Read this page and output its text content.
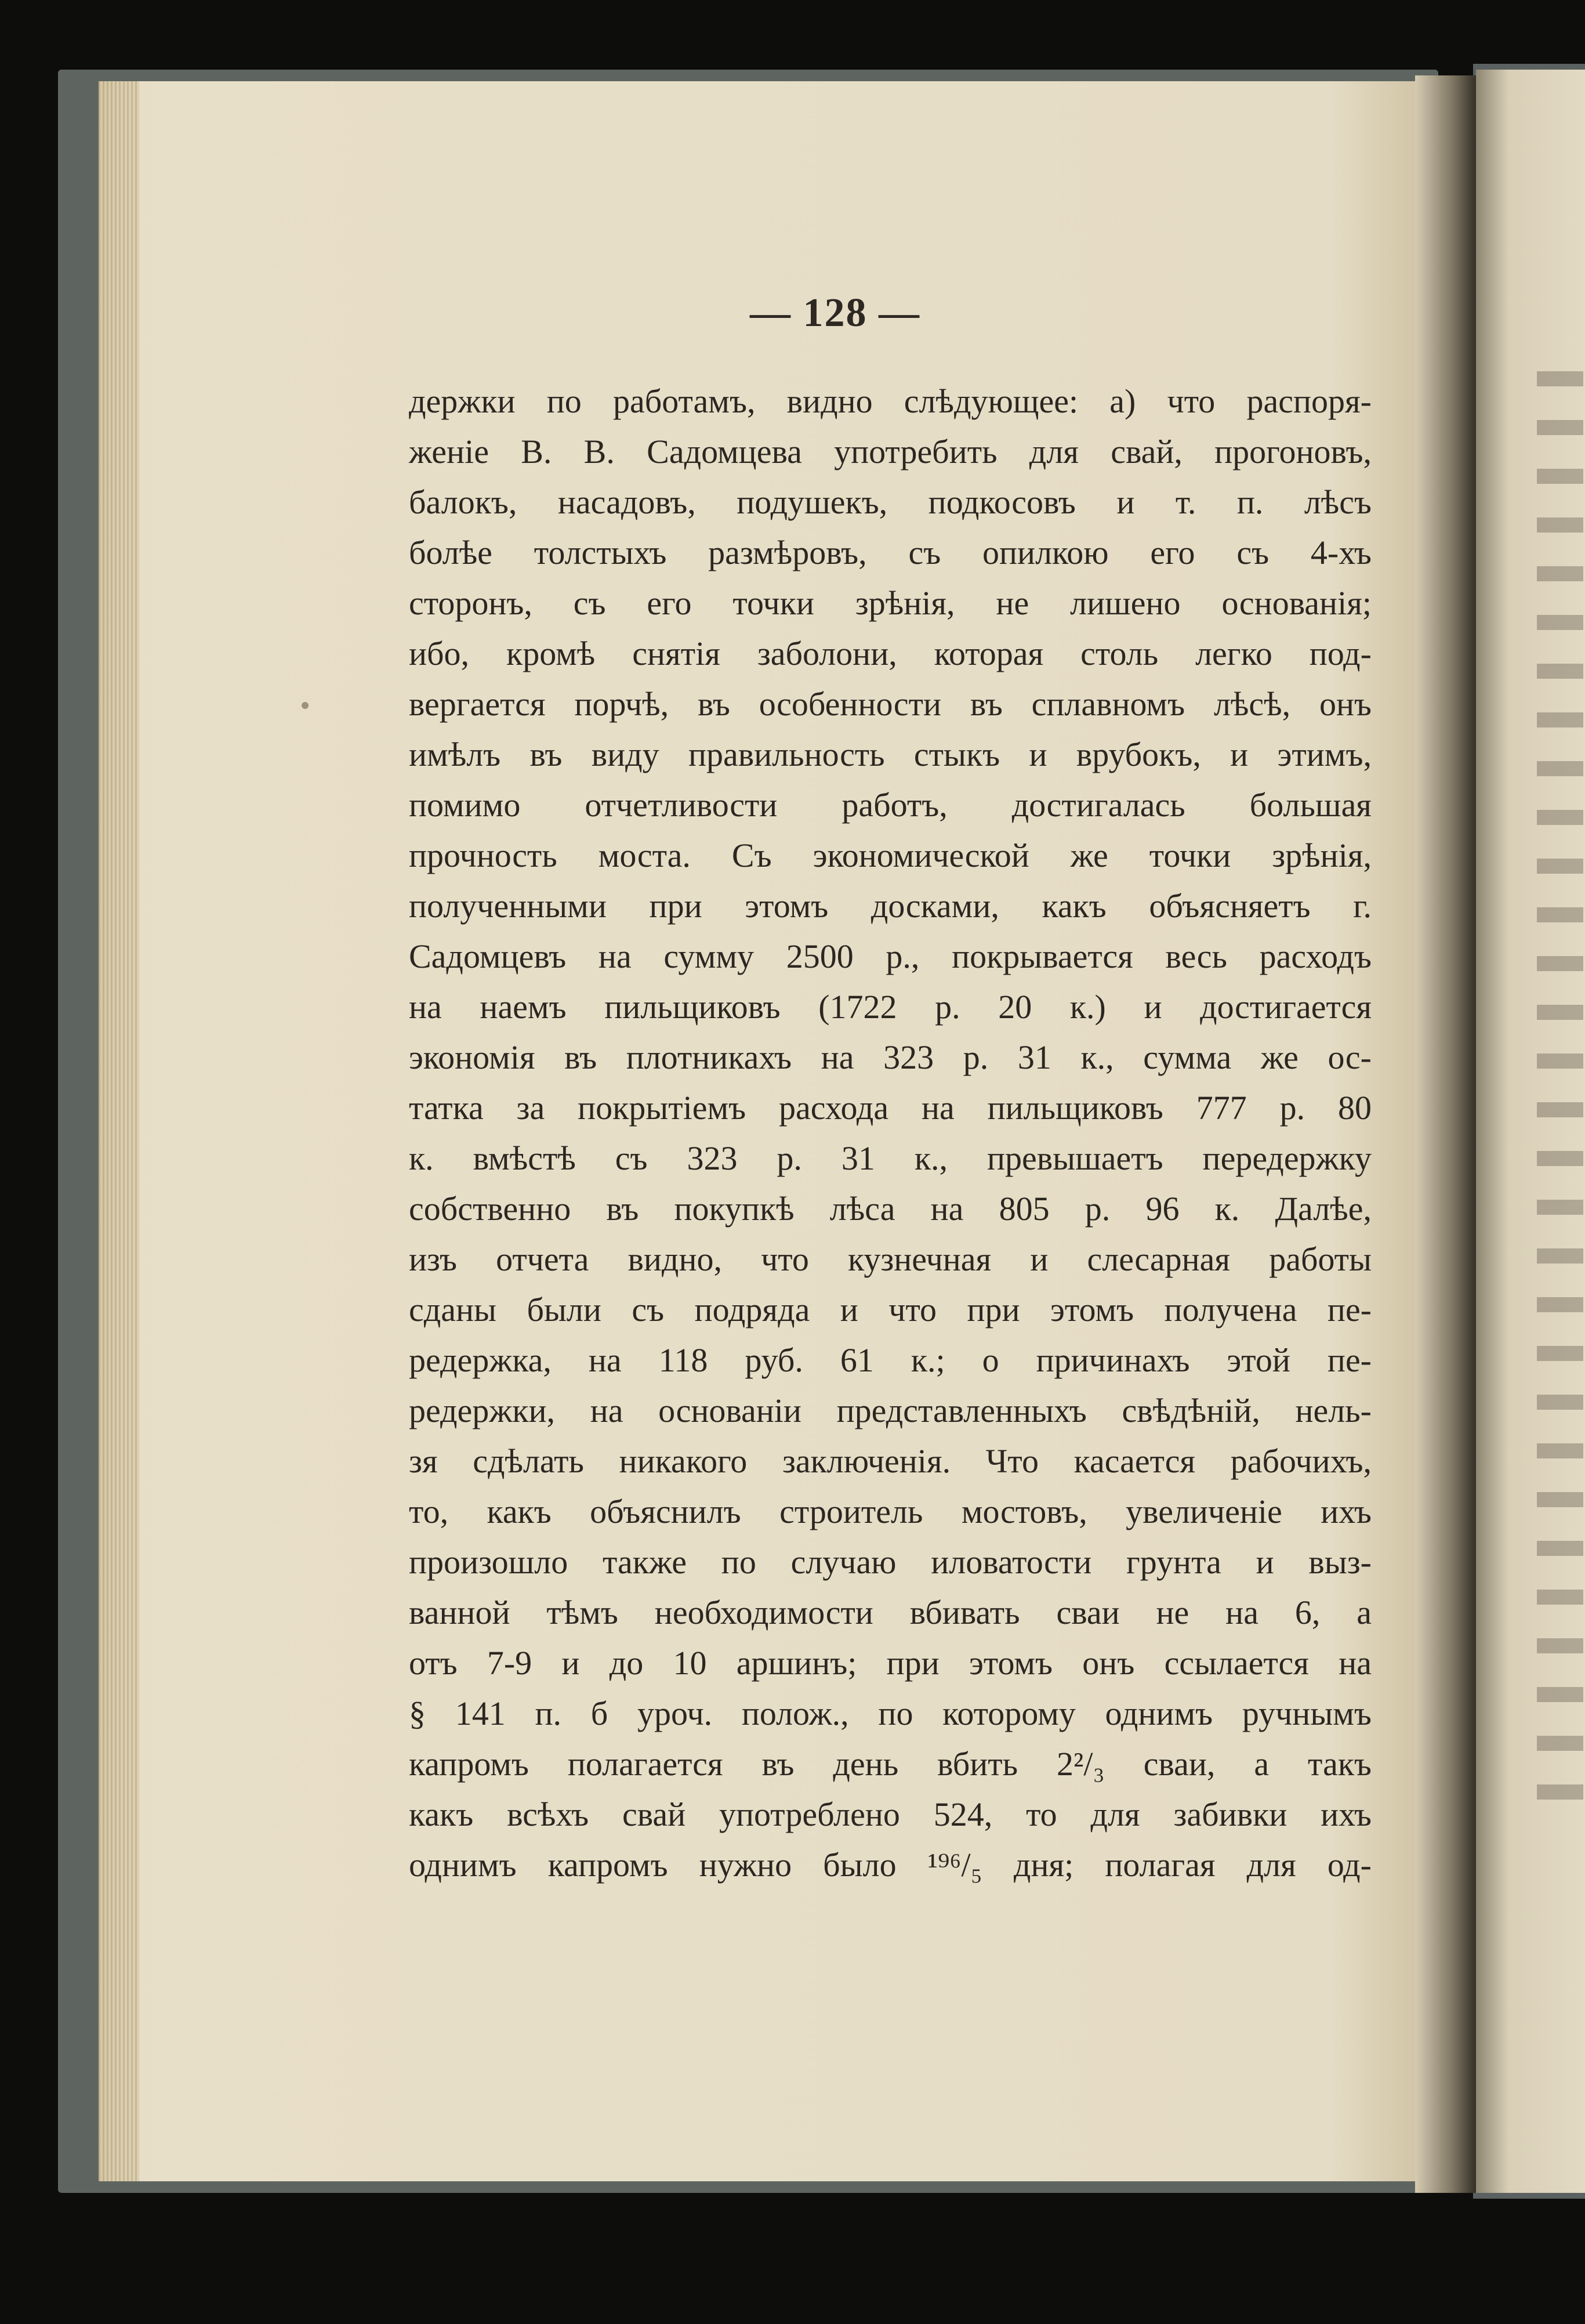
— 128 —
держки по работамъ, видно слѣдующее: а) что распоря-
женіе В. В. Садомцева употребить для свай, прогоновъ,
балокъ, насадовъ, подушекъ, подкосовъ и т. п. лѣсъ
болѣе толстыхъ размѣровъ, съ опилкою его съ 4-хъ
сторонъ, съ его точки зрѣнія, не лишено основанія;
ибо, кромѣ снятія заболони, которая столь легко под-
вергается порчѣ, въ особенности въ сплавномъ лѣсѣ, онъ
имѣлъ въ виду правильность стыкъ и врубокъ, и этимъ,
помимо отчетливости работъ, достигалась большая
прочность моста. Съ экономической же точки зрѣнія,
полученными при этомъ досками, какъ объясняетъ г.
Садомцевъ на сумму 2500 р., покрывается весь расходъ
на наемъ пильщиковъ (1722 р. 20 к.) и достигается
экономія въ плотникахъ на 323 р. 31 к., сумма же ос-
татка за покрытіемъ расхода на пильщиковъ 777 р. 80
к. вмѣстѣ съ 323 р. 31 к., превышаетъ передержку
собственно въ покупкѣ лѣса на 805 р. 96 к. Далѣе,
изъ отчета видно, что кузнечная и слесарная работы
сданы были съ подряда и что при этомъ получена пе-
редержка, на 118 руб. 61 к.; о причинахъ этой пе-
редержки, на основаніи представленныхъ свѣдѣній, нель-
зя сдѣлать никакого заключенія. Что касается рабочихъ,
то, какъ объяснилъ строитель мостовъ, увеличеніе ихъ
произошло также по случаю иловатости грунта и выз-
ванной тѣмъ необходимости вбивать сваи не на 6, а
отъ 7-9 и до 10 аршинъ; при этомъ онъ ссылается на
§ 141 п. б уроч. полож., по которому однимъ ручнымъ
капромъ полагается въ день вбить 2²/₃ сваи, а такъ
какъ всѣхъ свай употреблено 524, то для забивки ихъ
однимъ капромъ нужно было ¹⁹⁶/₅ дня; полагая для од-
